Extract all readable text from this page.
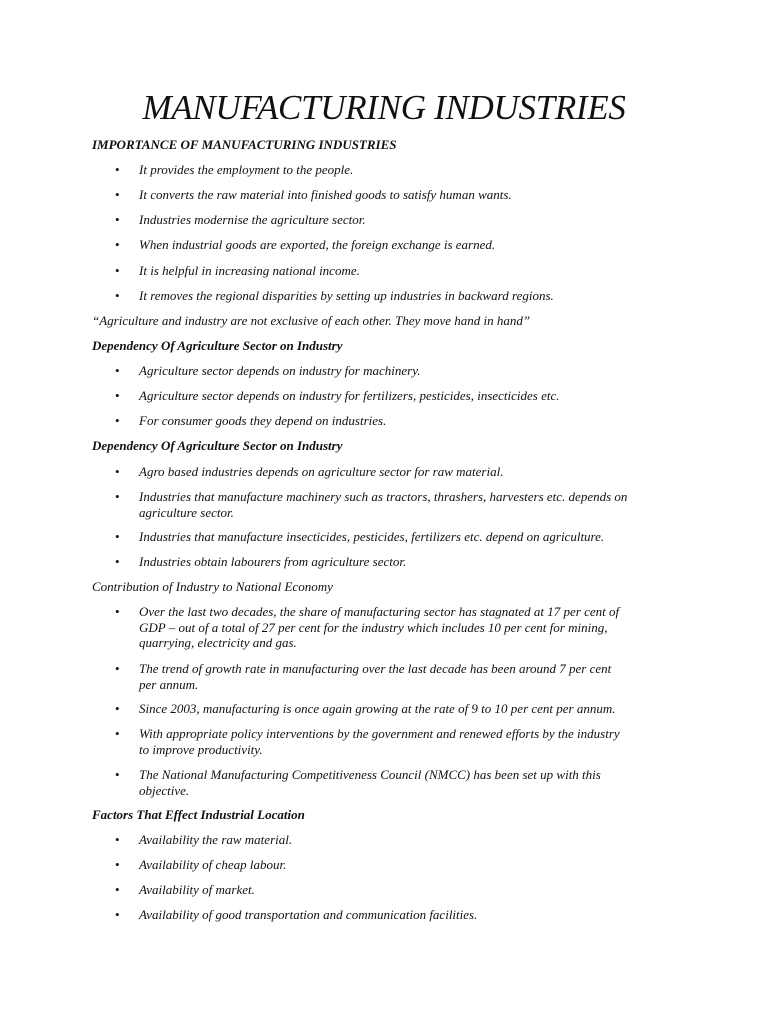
MANUFACTURING INDUSTRIES
IMPORTANCE OF MANUFACTURING INDUSTRIES
• It provides the employment to the people.
• It converts the raw material into finished goods to satisfy human wants.
• Industries modernise the agriculture sector.
• When industrial goods are exported, the foreign exchange is earned.
• It is helpful in increasing national income.
• It removes the regional disparities by setting up industries in backward regions.
“Agriculture and industry are not exclusive of each other. They move hand in hand”
Dependency Of Agriculture Sector on Industry
• Agriculture sector depends on industry for machinery.
• Agriculture sector depends on industry for fertilizers, pesticides, insecticides etc.
• For consumer goods they depend on industries.
Dependency Of Agriculture Sector on Industry
• Agro based industries depends on agriculture sector for raw material.
• Industries that manufacture machinery such as tractors, thrashers, harvesters etc. depends on
agriculture sector.
• Industries that manufacture insecticides, pesticides, fertilizers etc. depend on agriculture.
• Industries obtain labourers from agriculture sector.
Contribution of Industry to National Economy
• Over the last two decades, the share of manufacturing sector has stagnated at 17 per cent of
GDP – out of a total of 27 per cent for the industry which includes 10 per cent for mining,
quarrying, electricity and gas.
• The trend of growth rate in manufacturing over the last decade has been around 7 per cent
per annum.
• Since 2003, manufacturing is once again growing at the rate of 9 to 10 per cent per annum.
• With appropriate policy interventions by the government and renewed efforts by the industry
to improve productivity.
• The National Manufacturing Competitiveness Council (NMCC) has been set up with this
objective.
Factors That Effect Industrial Location
• Availability the raw material.
• Availability of cheap labour.
• Availability of market.
• Availability of good transportation and communication facilities.
